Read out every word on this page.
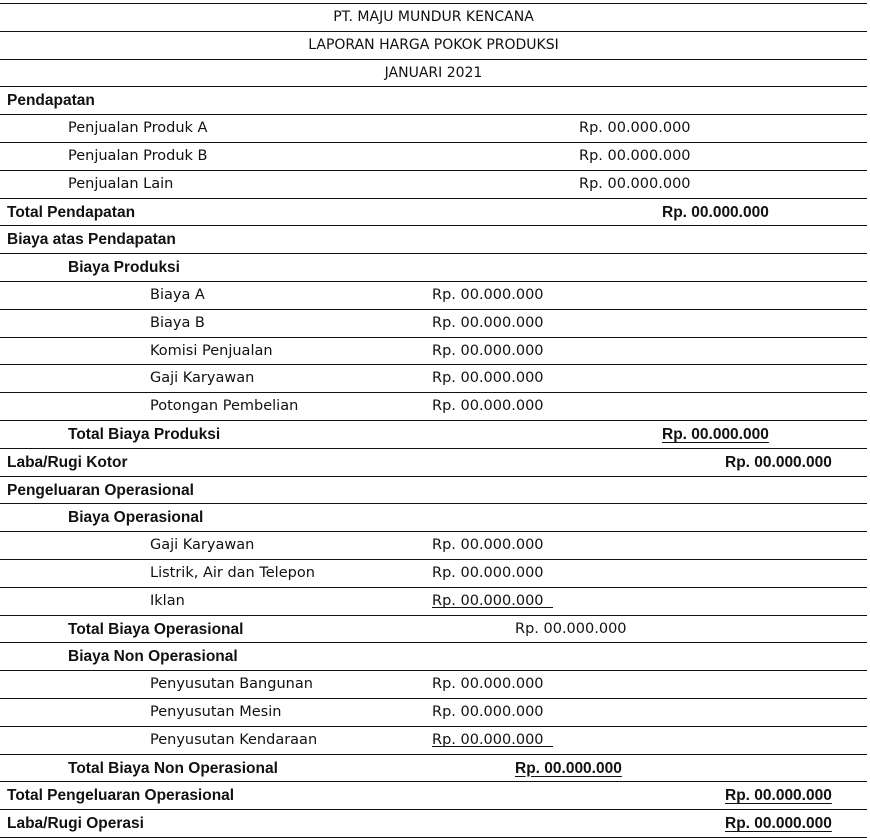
PT. MAJU MUNDUR KENCANA
LAPORAN HARGA POKOK PRODUKSI
JANUARI 2021
Pendapatan
Penjualan Produk A	Rp. 00.000.000
Penjualan Produk B	Rp. 00.000.000
Penjualan Lain	Rp. 00.000.000
Total Pendapatan	Rp. 00.000.000
Biaya atas Pendapatan
Biaya Produksi
Biaya A	Rp. 00.000.000
Biaya B	Rp. 00.000.000
Komisi Penjualan	Rp. 00.000.000
Gaji Karyawan	Rp. 00.000.000
Potongan Pembelian	Rp. 00.000.000
Total Biaya Produksi	Rp. 00.000.000
Laba/Rugi Kotor	Rp. 00.000.000
Pengeluaran Operasional
Biaya Operasional
Gaji Karyawan	Rp. 00.000.000
Listrik, Air dan Telepon	Rp. 00.000.000
Iklan	Rp. 00.000.000
Total Biaya Operasional	Rp. 00.000.000
Biaya Non Operasional
Penyusutan Bangunan	Rp. 00.000.000
Penyusutan Mesin	Rp. 00.000.000
Penyusutan Kendaraan	Rp. 00.000.000
Total Biaya Non Operasional	Rp. 00.000.000
Total Pengeluaran Operasional	Rp. 00.000.000
Laba/Rugi Operasi	Rp. 00.000.000
